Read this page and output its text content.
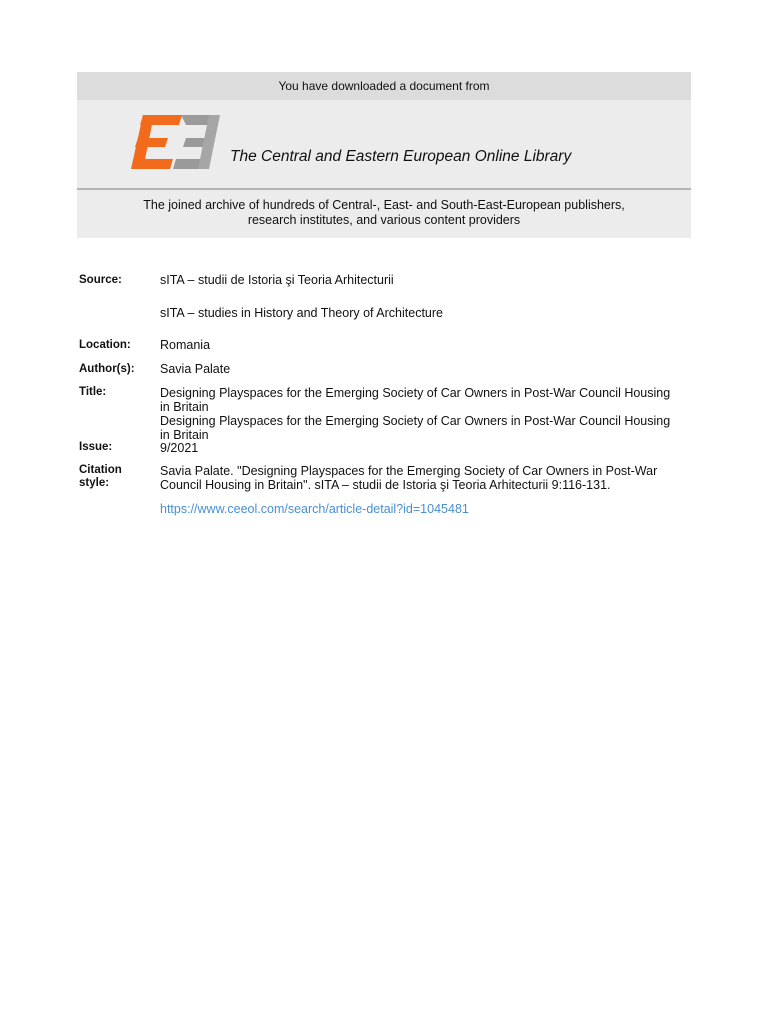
You have downloaded a document from
The Central and Eastern European Online Library
The joined archive of hundreds of Central-, East- and South-East-European publishers,
research institutes, and various content providers
Source:	sITA – studii de Istoria şi Teoria Arhitecturii
sITA – studies in History and Theory of Architecture
Location: Romania
Author(s): Savia Palate
Title:	Designing Playspaces for the Emerging Society of Car Owners in Post-War Council Housing
in Britain
Designing Playspaces for the Emerging Society of Car Owners in Post-War Council Housing
in Britain
Issue:	9/2021
Citation
style:
Savia Palate. "Designing Playspaces for the Emerging Society of Car Owners in Post-War
Council Housing in Britain". sITA – studii de Istoria şi Teoria Arhitecturii 9:116-131.
https://www.ceeol.com/search/article-detail?id=1045481
